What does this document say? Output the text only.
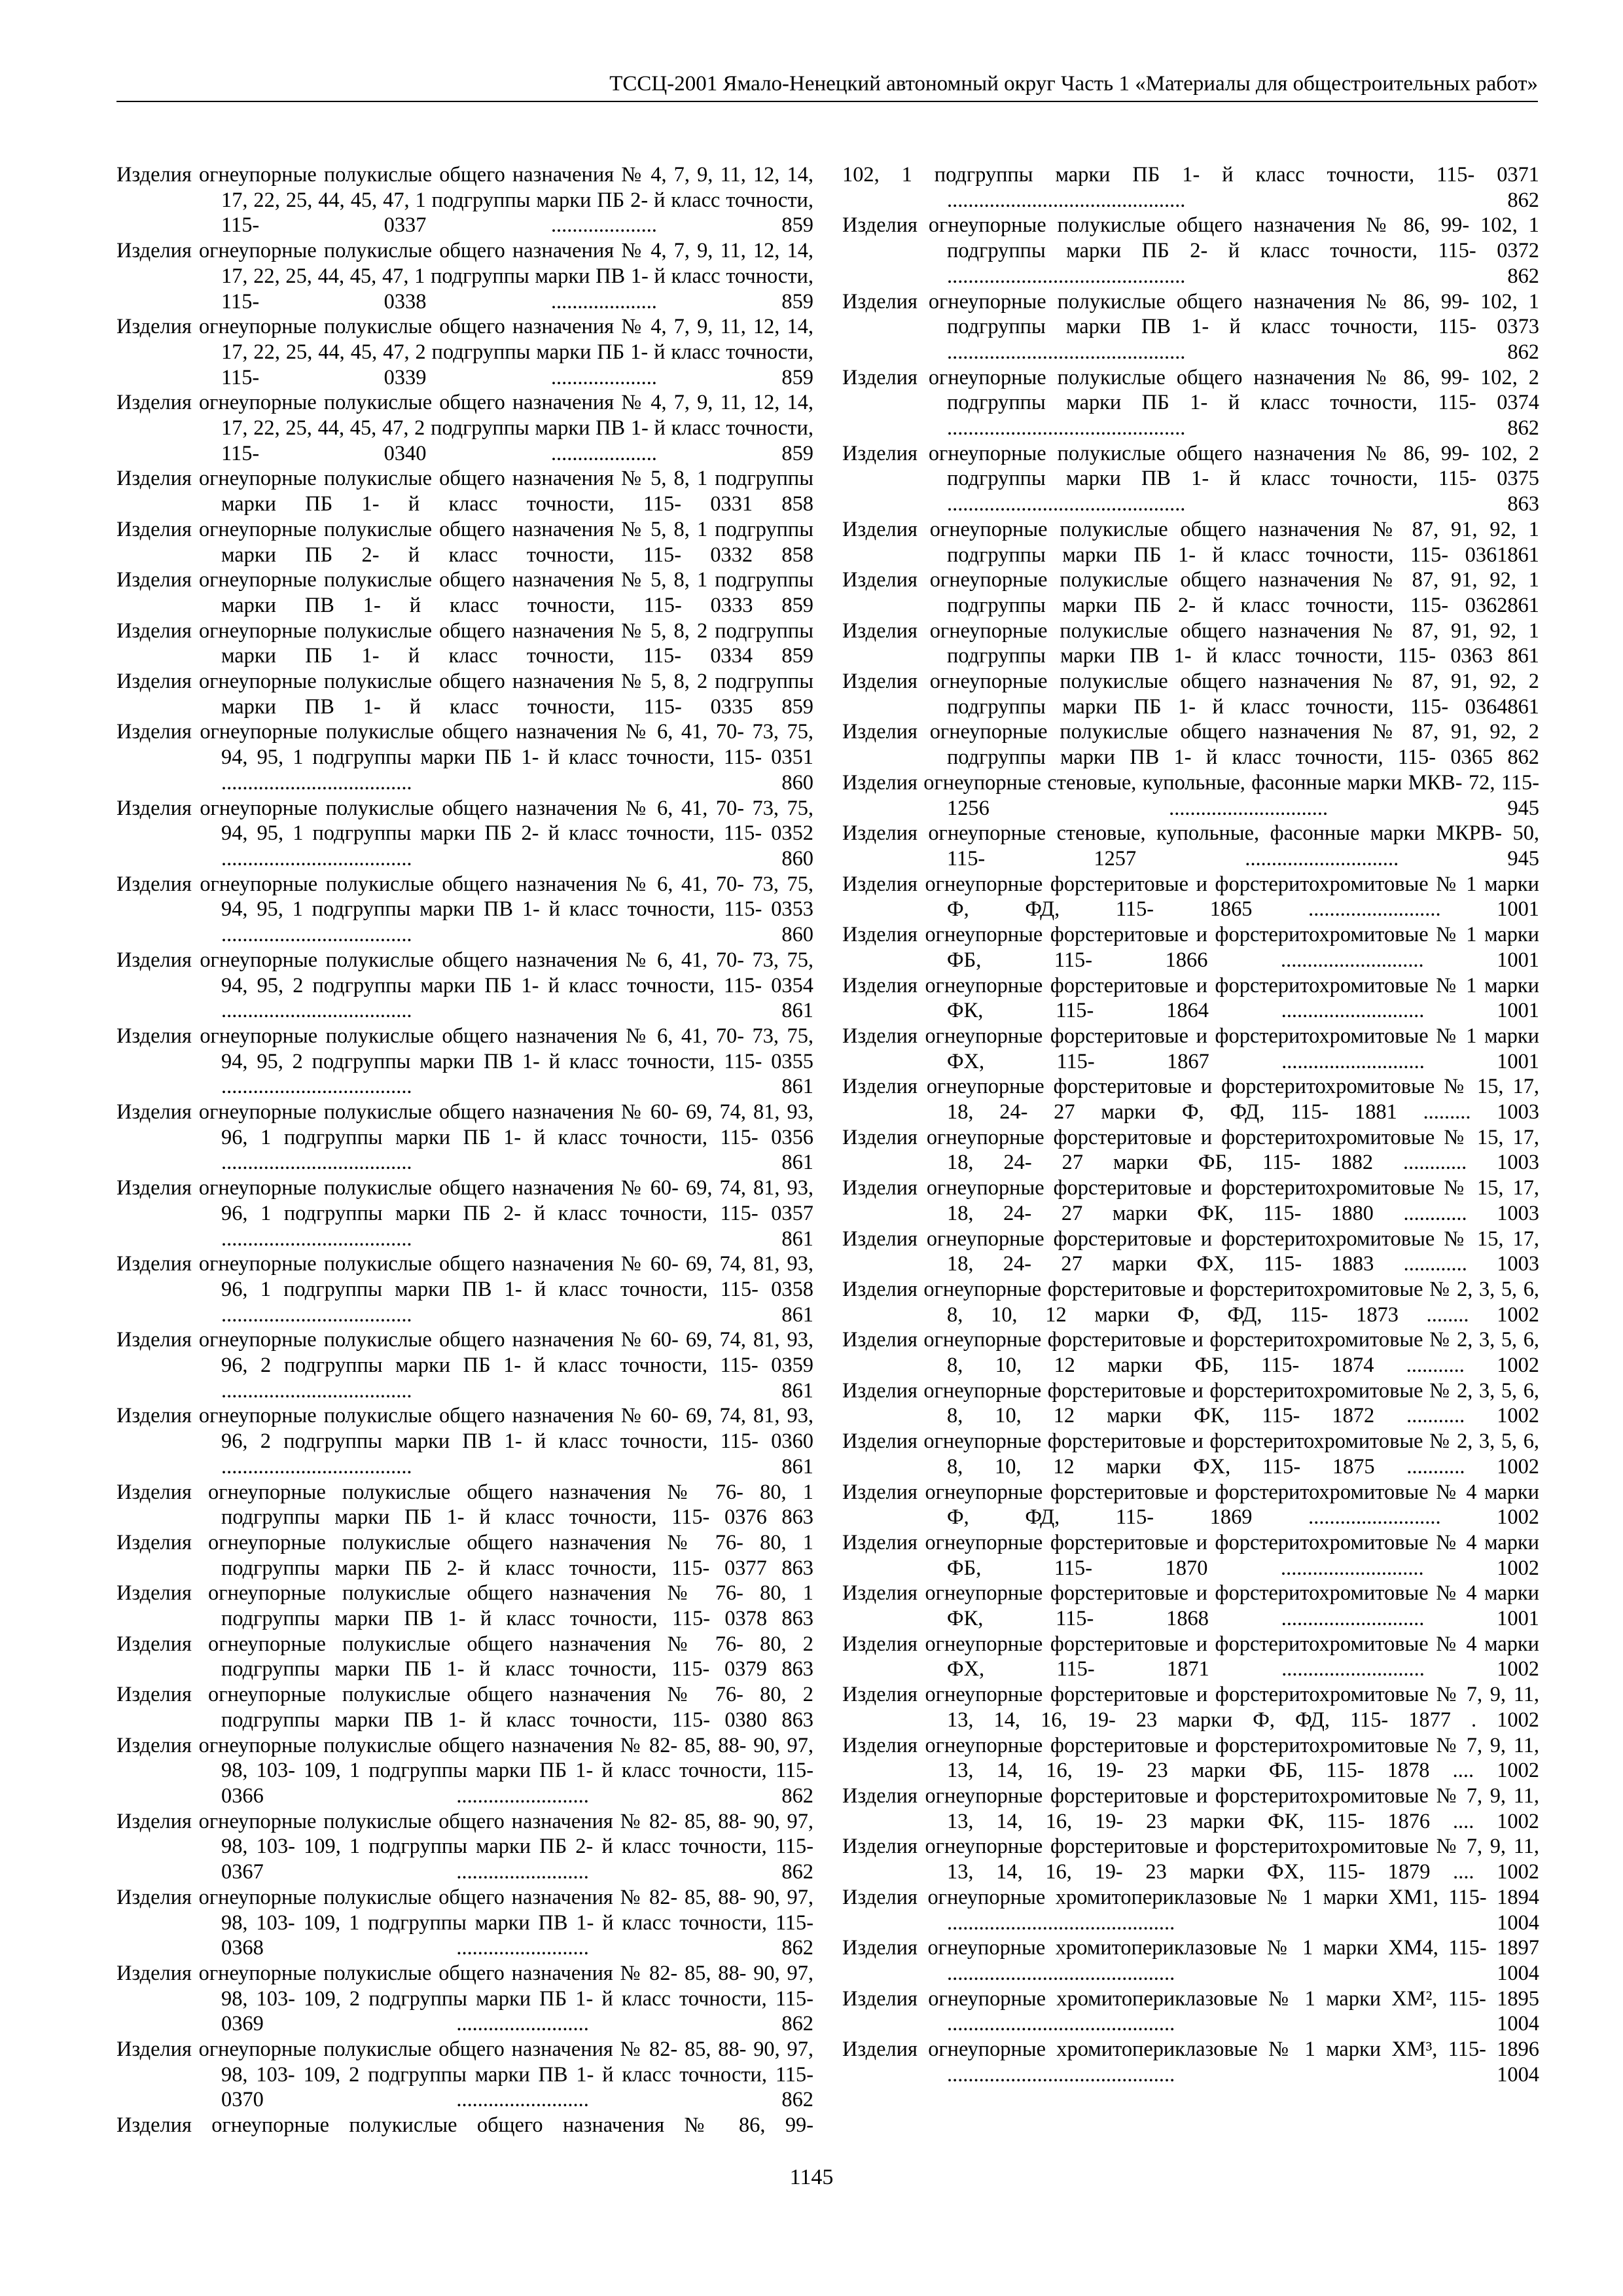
ТССЦ-2001 Ямало-Ненецкий автономный округ Часть 1 «Материалы для общестроительных работ»
Изделия огнеупорные полукислые общего назначения № 4, 7, 9, 11, 12, 14, 17, 22, 25, 44, 45, 47, 1 подгруппы марки ПБ 2- й класс точности, 115- 0337 .................... 859
Изделия огнеупорные полукислые общего назначения № 4, 7, 9, 11, 12, 14, 17, 22, 25, 44, 45, 47, 1 подгруппы марки ПВ 1- й класс точности, 115- 0338 .................... 859
Изделия огнеупорные полукислые общего назначения № 4, 7, 9, 11, 12, 14, 17, 22, 25, 44, 45, 47, 2 подгруппы марки ПБ 1- й класс точности, 115- 0339 .................... 859
Изделия огнеупорные полукислые общего назначения № 4, 7, 9, 11, 12, 14, 17, 22, 25, 44, 45, 47, 2 подгруппы марки ПВ 1- й класс точности, 115- 0340 .................... 859
Изделия огнеупорные полукислые общего назначения № 5, 8, 1 подгруппы марки ПБ 1- й класс точности, 115- 0331 858
Изделия огнеупорные полукислые общего назначения № 5, 8, 1 подгруппы марки ПБ 2- й класс точности, 115- 0332 858
Изделия огнеупорные полукислые общего назначения № 5, 8, 1 подгруппы марки ПВ 1- й класс точности, 115- 0333 859
Изделия огнеупорные полукислые общего назначения № 5, 8, 2 подгруппы марки ПБ 1- й класс точности, 115- 0334 859
Изделия огнеупорные полукислые общего назначения № 5, 8, 2 подгруппы марки ПВ 1- й класс точности, 115- 0335 859
Изделия огнеупорные полукислые общего назначения № 6, 41, 70- 73, 75, 94, 95, 1 подгруппы марки ПБ 1- й класс точности, 115- 0351 .................................... 860
Изделия огнеупорные полукислые общего назначения № 6, 41, 70- 73, 75, 94, 95, 1 подгруппы марки ПБ 2- й класс точности, 115- 0352 .................................... 860
Изделия огнеупорные полукислые общего назначения № 6, 41, 70- 73, 75, 94, 95, 1 подгруппы марки ПВ 1- й класс точности, 115- 0353 .................................... 860
Изделия огнеупорные полукислые общего назначения № 6, 41, 70- 73, 75, 94, 95, 2 подгруппы марки ПБ 1- й класс точности, 115- 0354 .................................... 861
Изделия огнеупорные полукислые общего назначения № 6, 41, 70- 73, 75, 94, 95, 2 подгруппы марки ПВ 1- й класс точности, 115- 0355 .................................... 861
Изделия огнеупорные полукислые общего назначения № 60- 69, 74, 81, 93, 96, 1 подгруппы марки ПБ 1- й класс точности, 115- 0356 .................................... 861
Изделия огнеупорные полукислые общего назначения № 60- 69, 74, 81, 93, 96, 1 подгруппы марки ПБ 2- й класс точности, 115- 0357 .................................... 861
Изделия огнеупорные полукислые общего назначения № 60- 69, 74, 81, 93, 96, 1 подгруппы марки ПВ 1- й класс точности, 115- 0358 .................................... 861
Изделия огнеупорные полукислые общего назначения № 60- 69, 74, 81, 93, 96, 2 подгруппы марки ПБ 1- й класс точности, 115- 0359 .................................... 861
Изделия огнеупорные полукислые общего назначения № 60- 69, 74, 81, 93, 96, 2 подгруппы марки ПВ 1- й класс точности, 115- 0360 .................................... 861
Изделия огнеупорные полукислые общего назначения № 76- 80, 1 подгруппы марки ПБ 1- й класс точности, 115- 0376 863
Изделия огнеупорные полукислые общего назначения № 76- 80, 1 подгруппы марки ПБ 2- й класс точности, 115- 0377 863
Изделия огнеупорные полукислые общего назначения № 76- 80, 1 подгруппы марки ПВ 1- й класс точности, 115- 0378 863
Изделия огнеупорные полукислые общего назначения № 76- 80, 2 подгруппы марки ПБ 1- й класс точности, 115- 0379 863
Изделия огнеупорные полукислые общего назначения № 76- 80, 2 подгруппы марки ПВ 1- й класс точности, 115- 0380 863
Изделия огнеупорные полукислые общего назначения № 82- 85, 88- 90, 97, 98, 103- 109, 1 подгруппы марки ПБ 1- й класс точности, 115- 0366 ......................... 862
Изделия огнеупорные полукислые общего назначения № 82- 85, 88- 90, 97, 98, 103- 109, 1 подгруппы марки ПБ 2- й класс точности, 115- 0367 ......................... 862
Изделия огнеупорные полукислые общего назначения № 82- 85, 88- 90, 97, 98, 103- 109, 1 подгруппы марки ПВ 1- й класс точности, 115- 0368 ......................... 862
Изделия огнеупорные полукислые общего назначения № 82- 85, 88- 90, 97, 98, 103- 109, 2 подгруппы марки ПБ 1- й класс точности, 115- 0369 ......................... 862
Изделия огнеупорные полукислые общего назначения № 82- 85, 88- 90, 97, 98, 103- 109, 2 подгруппы марки ПВ 1- й класс точности, 115- 0370 ......................... 862
Изделия огнеупорные полукислые общего назначения № 86, 99-
102, 1 подгруппы марки ПБ 1- й класс точности, 115- 0371 ............................................. 862
Изделия огнеупорные полукислые общего назначения № 86, 99- 102, 1 подгруппы марки ПБ 2- й класс точности, 115- 0372 ............................................. 862
Изделия огнеупорные полукислые общего назначения № 86, 99- 102, 1 подгруппы марки ПВ 1- й класс точности, 115- 0373 ............................................. 862
Изделия огнеупорные полукислые общего назначения № 86, 99- 102, 2 подгруппы марки ПБ 1- й класс точности, 115- 0374 ............................................. 862
Изделия огнеупорные полукислые общего назначения № 86, 99- 102, 2 подгруппы марки ПВ 1- й класс точности, 115- 0375 ............................................. 863
Изделия огнеупорные полукислые общего назначения № 87, 91, 92, 1 подгруппы марки ПБ 1- й класс точности, 115- 0361861
Изделия огнеупорные полукислые общего назначения № 87, 91, 92, 1 подгруппы марки ПБ 2- й класс точности, 115- 0362861
Изделия огнеупорные полукислые общего назначения № 87, 91, 92, 1 подгруппы марки ПВ 1- й класс точности, 115- 0363 861
Изделия огнеупорные полукислые общего назначения № 87, 91, 92, 2 подгруппы марки ПБ 1- й класс точности, 115- 0364861
Изделия огнеупорные полукислые общего назначения № 87, 91, 92, 2 подгруппы марки ПВ 1- й класс точности, 115- 0365 862
Изделия огнеупорные стеновые, купольные, фасонные марки МКВ- 72, 115- 1256 .............................. 945
Изделия огнеупорные стеновые, купольные, фасонные марки МКРВ- 50, 115- 1257 ............................. 945
Изделия огнеупорные форстеритовые и форстеритохромитовые № 1 марки Ф, ФД, 115- 1865 ......................... 1001
Изделия огнеупорные форстеритовые и форстеритохромитовые № 1 марки ФБ, 115- 1866 ........................... 1001
Изделия огнеупорные форстеритовые и форстеритохромитовые № 1 марки ФК, 115- 1864 ........................... 1001
Изделия огнеупорные форстеритовые и форстеритохромитовые № 1 марки ФХ, 115- 1867 ........................... 1001
Изделия огнеупорные форстеритовые и форстеритохромитовые № 15, 17, 18, 24- 27 марки Ф, ФД, 115- 1881 ......... 1003
Изделия огнеупорные форстеритовые и форстеритохромитовые № 15, 17, 18, 24- 27 марки ФБ, 115- 1882 ............ 1003
Изделия огнеупорные форстеритовые и форстеритохромитовые № 15, 17, 18, 24- 27 марки ФК, 115- 1880 ............ 1003
Изделия огнеупорные форстеритовые и форстеритохромитовые № 15, 17, 18, 24- 27 марки ФХ, 115- 1883 ............ 1003
Изделия огнеупорные форстеритовые и форстеритохромитовые № 2, 3, 5, 6, 8, 10, 12 марки Ф, ФД, 115- 1873 ........ 1002
Изделия огнеупорные форстеритовые и форстеритохромитовые № 2, 3, 5, 6, 8, 10, 12 марки ФБ, 115- 1874 ........... 1002
Изделия огнеупорные форстеритовые и форстеритохромитовые № 2, 3, 5, 6, 8, 10, 12 марки ФК, 115- 1872 ........... 1002
Изделия огнеупорные форстеритовые и форстеритохромитовые № 2, 3, 5, 6, 8, 10, 12 марки ФХ, 115- 1875 ........... 1002
Изделия огнеупорные форстеритовые и форстеритохромитовые № 4 марки Ф, ФД, 115- 1869 ......................... 1002
Изделия огнеупорные форстеритовые и форстеритохромитовые № 4 марки ФБ, 115- 1870 ........................... 1002
Изделия огнеупорные форстеритовые и форстеритохромитовые № 4 марки ФК, 115- 1868 ........................... 1001
Изделия огнеупорные форстеритовые и форстеритохромитовые № 4 марки ФХ, 115- 1871 ........................... 1002
Изделия огнеупорные форстеритовые и форстеритохромитовые № 7, 9, 11, 13, 14, 16, 19- 23 марки Ф, ФД, 115- 1877 . 1002
Изделия огнеупорные форстеритовые и форстеритохромитовые № 7, 9, 11, 13, 14, 16, 19- 23 марки ФБ, 115- 1878 .... 1002
Изделия огнеупорные форстеритовые и форстеритохромитовые № 7, 9, 11, 13, 14, 16, 19- 23 марки ФК, 115- 1876 .... 1002
Изделия огнеупорные форстеритовые и форстеритохромитовые № 7, 9, 11, 13, 14, 16, 19- 23 марки ФХ, 115- 1879 .... 1002
Изделия огнеупорные хромитопериклазовые № 1 марки ХМ1, 115- 1894 ........................................... 1004
Изделия огнеупорные хромитопериклазовые № 1 марки ХМ4, 115- 1897 ........................................... 1004
Изделия огнеупорные хромитопериклазовые № 1 марки ХМ², 115- 1895 ........................................... 1004
Изделия огнеупорные хромитопериклазовые № 1 марки ХМ³, 115- 1896 ........................................... 1004
1145
